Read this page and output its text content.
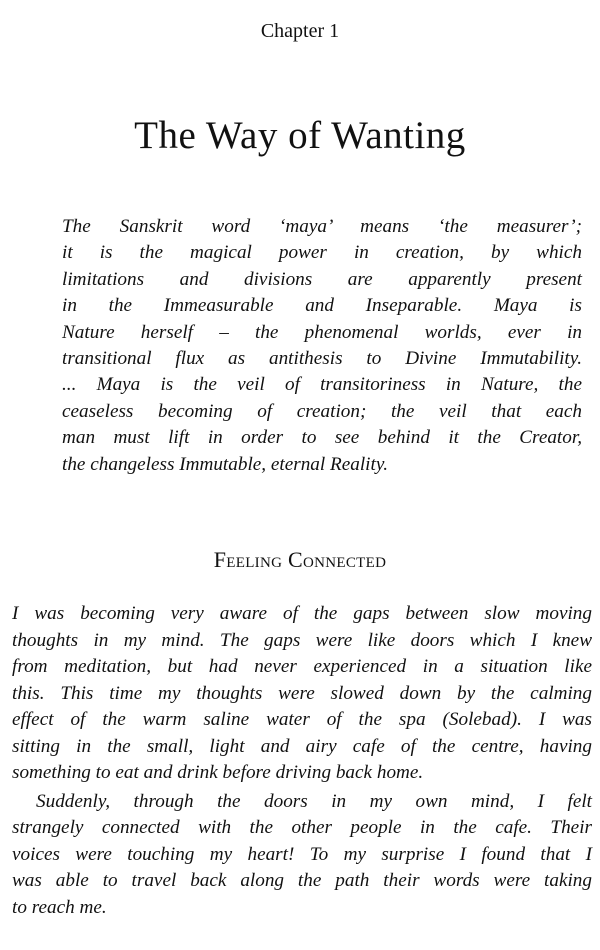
Chapter 1
The Way of Wanting
The Sanskrit word ‘maya’ means ‘the measurer’;
it is the magical power in creation, by which
limitations and divisions are apparently present
in the Immeasurable and Inseparable. Maya is
Nature herself – the phenomenal worlds, ever in
transitional flux as antithesis to Divine Immutability.
... Maya is the veil of transitoriness in Nature, the
ceaseless becoming of creation; the veil that each
man must lift in order to see behind it the Creator,
the changeless Immutable, eternal Reality.
Feeling Connected
I was becoming very aware of the gaps between slow moving
thoughts in my mind. The gaps were like doors which I knew
from meditation, but had never experienced in a situation like
this. This time my thoughts were slowed down by the calming
effect of the warm saline water of the spa (Solebad). I was
sitting in the small, light and airy cafe of the centre, having
something to eat and drink before driving back home.
Suddenly, through the doors in my own mind, I felt
strangely connected with the other people in the cafe. Their
voices were touching my heart! To my surprise I found that I
was able to travel back along the path their words were taking
to reach me.
